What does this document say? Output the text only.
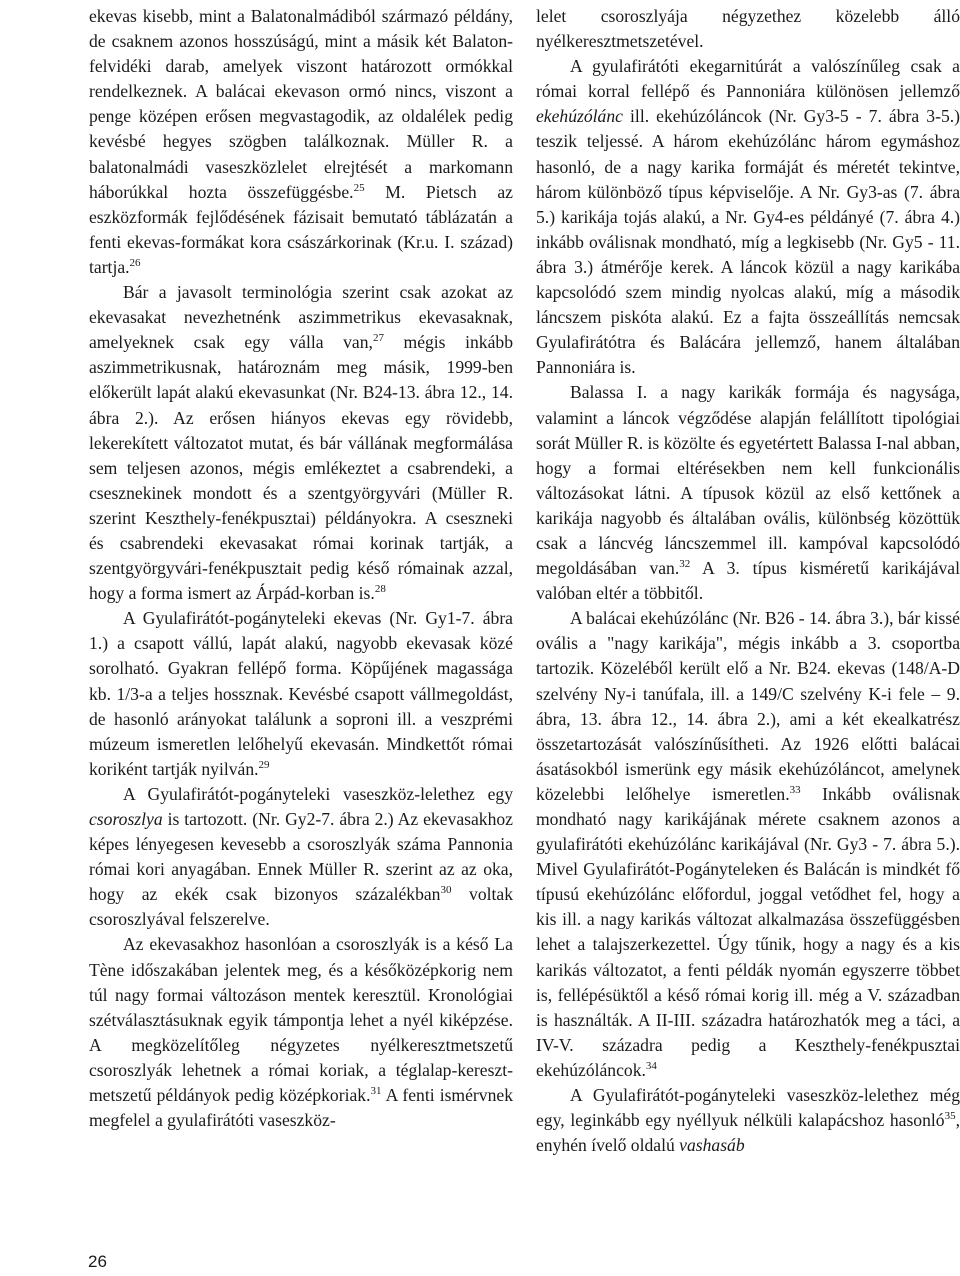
ekevas kisebb, mint a Balatonalmádiból származó példány, de csaknem azonos hosszúságú, mint a másik két Balaton-felvidéki darab, amelyek viszont határozott ormókkal rendelkeznek. A balácai ekevason ormó nincs, viszont a penge középen erősen megvastagodik, az oldalélek pedig kevésbé hegyes szögben találkoznak. Müller R. a balatonalmádi vaseszközlelet elrejtését a markomann háborúkkal hozta összefüggésbe.$^{25}$ M. Pietsch az eszközformák fejlődésének fázisait bemutató táblázatán a fenti ekevas-formákat kora császárkorinak (Kr.u. I. század) tartja.$^{26}$

Bár a javasolt terminológia szerint csak azokat az ekevasakat nevezhetnénk aszimmetrikus ekevasaknak, amelyeknek csak egy válla van,$^{27}$ mégis inkább aszimmetrikusnak, határoznám meg másik, 1999-ben előkerült lapát alakú ekevasunkat (Nr. B24-13. ábra 12., 14. ábra 2.). Az erősen hiányos ekevas egy rövidebb, lekerekített változatot mutat, és bár vállának megformálása sem teljesen azonos, mégis emlékeztet a csabrendeki, a csesznekinek mondott és a szentgyörgyvári (Müller R. szerint Keszthely-fenékpusztai) példányokra. A cseszneki és csabrendeki ekevasakat római korinak tartják, a szentgyörgyvári-fenékpusztait pedig késő rómainak azzal, hogy a forma ismert az Árpád-korban is.$^{28}$

A Gyulafirátót-pogányteleki ekevas (Nr. Gy1-7. ábra 1.) a csapott vállú, lapát alakú, nagyobb ekevasak közé sorolható. Gyakran fellépő forma. Köpűjének magassága kb. 1/3-a a teljes hossznak. Kevésbé csapott vállmegoldást, de hasonló arányokat találunk a soproni ill. a veszprémi múzeum ismeretlen lelőhelyű ekevasán. Mindkettőt római koriként tartják nyilván.$^{29}$

A Gyulafirátót-pogányteleki vaseszköz-lelethez egy csoroszlya is tartozott. (Nr. Gy2-7. ábra 2.) Az ekevasakhoz képes lényegesen kevesebb a csoroszlyák száma Pannonia római kori anyagában. Ennek Müller R. szerint az az oka, hogy az ekék csak bizonyos százalékban$^{30}$ voltak csoroszlyával felszerelve.

Az ekevasakhoz hasonlóan a csoroszlyák is a késő La Tène időszakában jelentek meg, és a későközépkorig nem túl nagy formai változáson mentek keresztül. Kronológiai szétválasztásuknak egyik támpontja lehet a nyél kiképzése. A megközelítőleg négyzetes nyélkeresztmetszetű csoroszlyák lehetnek a római koriak, a téglalap-keresztmetszetű példányok pedig középkoriak.$^{31}$ A fenti ismérvnek megfelel a gyulafirátóti vaseszköz-

lelet csoroszlyája négyzethez közelebb álló nyélkeresztmetszetével.

A gyulafirátóti ekegarnitúrát a valószínűleg csak a római korral fellépő és Pannoniára különösen jellemző ekehúzólánc ill. ekehúzóláncok (Nr. Gy3-5 - 7. ábra 3-5.) teszik teljessé. A három ekehúzólánc három egymáshoz hasonló, de a nagy karika formáját és méretét tekintve, három különböző típus képviselője. A Nr. Gy3-as (7. ábra 5.) karikája tojás alakú, a Nr. Gy4-es példányé (7. ábra 4.) inkább oválisnak mondható, míg a legkisebb (Nr. Gy5 - 11. ábra 3.) átmérője kerek. A láncok közül a nagy karikába kapcsolódó szem mindig nyolcas alakú, míg a második láncszem piskóta alakú. Ez a fajta összeállítás nemcsak Gyulafirátótra és Balácára jellemző, hanem általában Pannoniára is.

Balassa I. a nagy karikák formája és nagysága, valamint a láncok végződése alapján felállított tipológiai sorát Müller R. is közölte és egyetértett Balassa I-nal abban, hogy a formai eltérésekben nem kell funkcionális változásokat látni. A típusok közül az első kettőnek a karikája nagyobb és általában ovális, különbség közöttük csak a láncvég láncszemmel ill. kampóval kapcsolódó megoldásában van.$^{32}$ A 3. típus kisméretű karikájával valóban eltér a többitől.

A balácai ekehúzólánc (Nr. B26 - 14. ábra 3.), bár kissé ovális a "nagy karikája", mégis inkább a 3. csoportba tartozik. Közeléből került elő a Nr. B24. ekevas (148/A-D szelvény Ny-i tanúfala, ill. a 149/C szelvény K-i fele – 9. ábra, 13. ábra 12., 14. ábra 2.), ami a két ekealkatrész összetartozását valószínűsítheti. Az 1926 előtti balácai ásatásokból ismerünk egy másik ekehúzóláncot, amelynek közelebbi lelőhelye ismeretlen.$^{33}$ Inkább oválisnak mondható nagy karikájának mérete csaknem azonos a gyulafirátóti ekehúzólánc karikájával (Nr. Gy3 - 7. ábra 5.). Mivel Gyulafirátót-Pogányteleken és Balácán is mindkét fő típusú ekehúzólánc előfordul, joggal vetődhet fel, hogy a kis ill. a nagy karikás változat alkalmazása összefüggésben lehet a talajszerkezettel. Úgy tűnik, hogy a nagy és a kis karikás változatot, a fenti példák nyomán egyszerre többet is, fellépésüktől a késő római korig ill. még a V. században is használták. A II-III. századra határozhatók meg a táci, a IV-V. századra pedig a Keszthely-fenékpusztai ekehúzóláncok.$^{34}$

A Gyulafirátót-pogányteleki vaseszköz-lelethez még egy, leginkább egy nyéllyuk nélküli kalapácshoz hasonló$^{35}$, enyhén ívelő oldalú vashasáb

26
